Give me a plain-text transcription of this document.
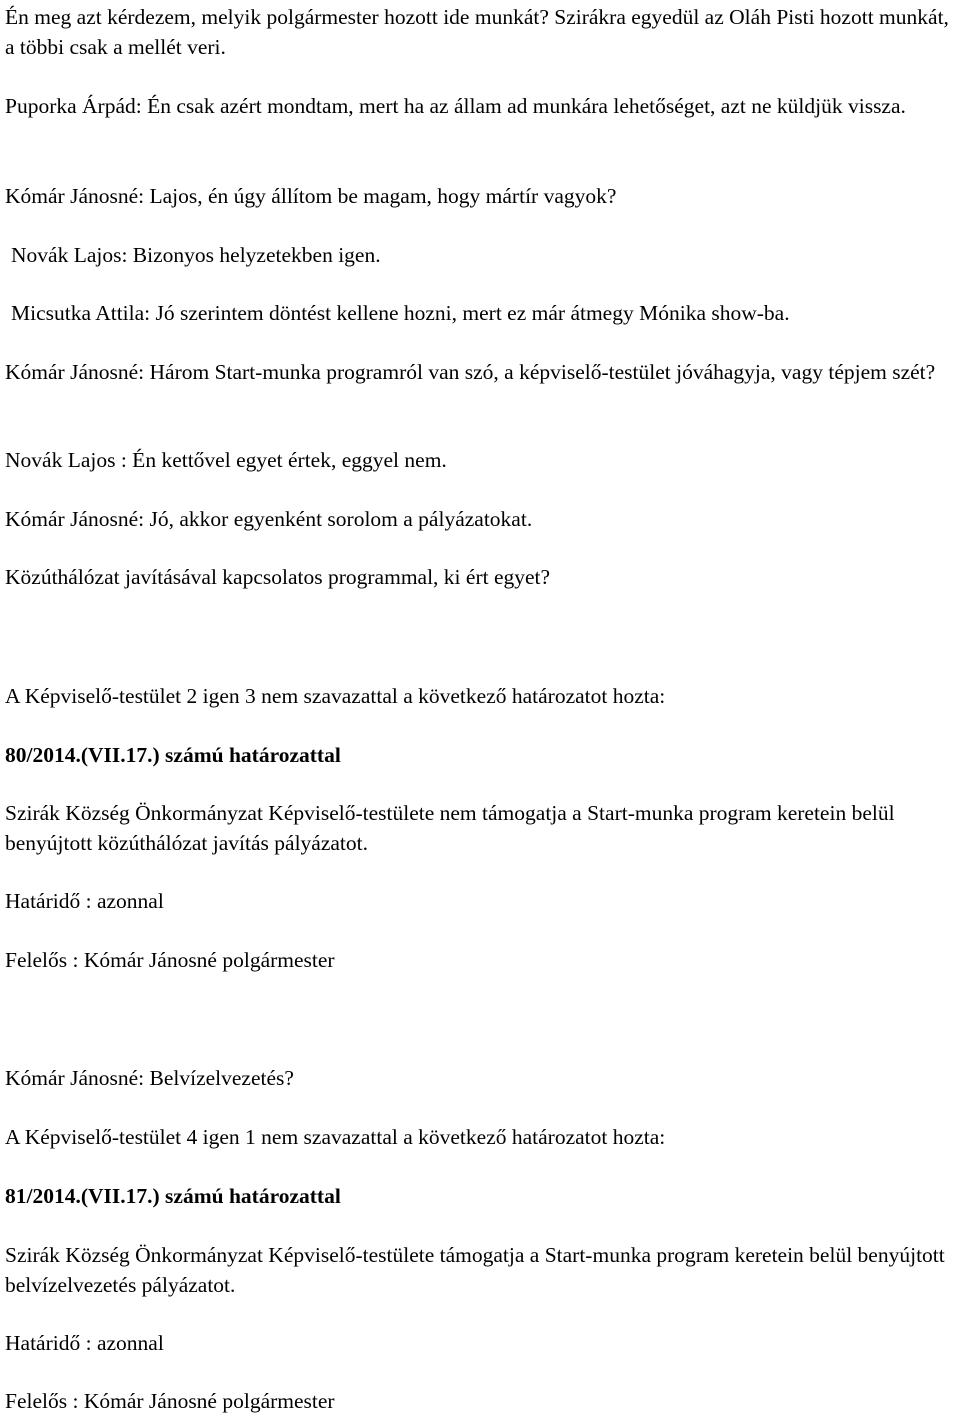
Én meg azt kérdezem, melyik polgármester hozott ide munkát? Szirákra egyedül az Oláh Pisti hozott munkát, a többi csak a mellét veri.

Puporka Árpád: Én csak azért mondtam, mert ha az állam ad munkára lehetőséget, azt ne küldjük vissza.

Kómár Jánosné: Lajos, én úgy állítom be magam, hogy mártír vagyok?

Novák Lajos: Bizonyos helyzetekben igen.

Micsutka Attila: Jó szerintem döntést kellene hozni, mert ez már átmegy Mónika show-ba.

Kómár Jánosné: Három Start-munka programról van szó, a képviselő-testület jóváhagyja, vagy tépjem szét?

Novák Lajos : Én kettővel egyet értek, eggyel nem.

Kómár Jánosné: Jó, akkor egyenként sorolom a pályázatokat.

Közúthálózat javításával kapcsolatos programmal, ki ért egyet?

A Képviselő-testület 2 igen 3 nem szavazattal a következő határozatot hozta:

80/2014.(VII.17.) számú határozattal

Szirák Község Önkormányzat Képviselő-testülete nem támogatja a Start-munka program keretein belül benyújtott közúthálózat javítás pályázatot.

Határidő : azonnal

Felelős : Kómár Jánosné polgármester

Kómár Jánosné: Belvízelvezetés?

A Képviselő-testület 4 igen 1 nem szavazattal a következő határozatot hozta:

81/2014.(VII.17.) számú határozattal

Szirák Község Önkormányzat Képviselő-testülete támogatja a Start-munka program keretein belül benyújtott belvízelvezetés pályázatot.

Határidő : azonnal

Felelős : Kómár Jánosné polgármester
